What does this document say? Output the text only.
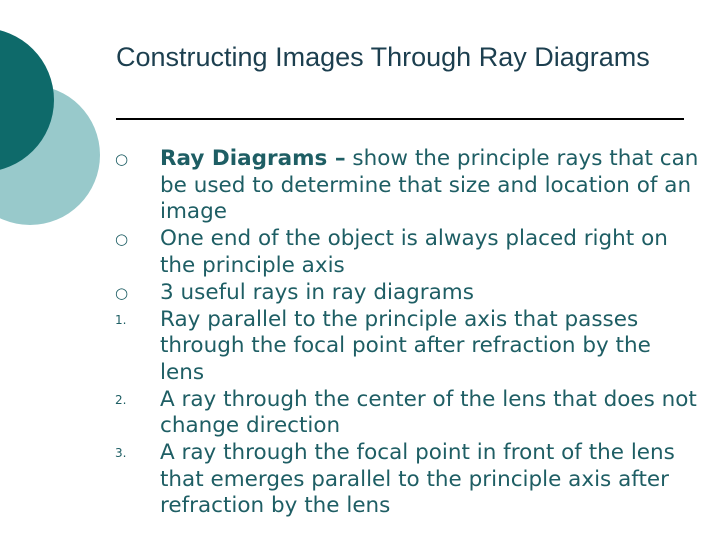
Constructing Images Through Ray Diagrams
○	Ray Diagrams – show the principle rays that can be used to determine that size and location of an image
○	One end of the object is always placed right on the principle axis
○	3 useful rays in ray diagrams
1.	Ray parallel to the principle axis that passes through the focal point after refraction by the lens
2.	A ray through the center of the lens that does not change direction
3.	A ray through the focal point in front of the lens that emerges parallel to the principle axis after refraction by the lens
